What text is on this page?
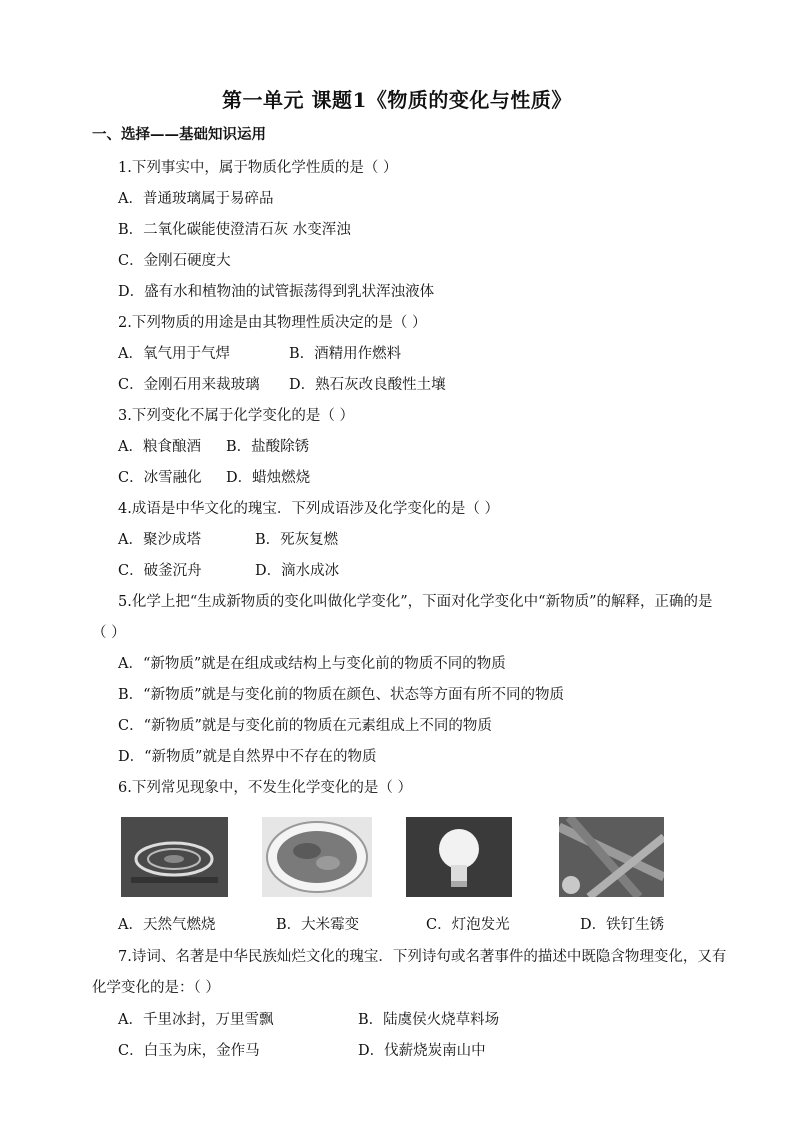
第一单元 课题1《物质的变化与性质》
一、选择——基础知识运用
1.下列事实中，属于物质化学性质的是（ ）
A．普通玻璃属于易碎品
B．二氧化碳能使澄清石灰 水变浑浊
C．金刚石硬度大
D．盛有水和植物油的试管振荡得到乳状浑浊液体
2.下列物质的用途是由其物理性质决定的是（ ）
A．氧气用于气焊	B．酒精用作燃料
C．金刚石用来裁玻璃 D．熟石灰改良酸性土壤
3.下列变化不属于化学变化的是（ ）
A．粮食酿酒 B．盐酸除锈
C．冰雪融化 D．蜡烛燃烧
4.成语是中华文化的瑰宝．下列成语涉及化学变化的是（ ）
A．聚沙成塔	B．死灰复燃
C．破釜沉舟	D．滴水成冰
5.化学上把“生成新物质的变化叫做化学变化”，下面对化学变化中“新物质”的解释，正确的是
（ ）
A．“新物质”就是在组成或结构上与变化前的物质不同的物质
B．“新物质”就是与变化前的物质在颜色、状态等方面有所不同的物质
C．“新物质”就是与变化前的物质在元素组成上不同的物质
D．“新物质”就是自然界中不存在的物质
6.下列常见现象中，不发生化学变化的是（ ）
A．天然气燃烧	B．大米霉变	C．灯泡发光	D．铁钉生锈
7.诗词、名著是中华民族灿烂文化的瑰宝．下列诗句或名著事件的描述中既隐含物理变化，又有
化学变化的是：（ ）
A．千里冰封，万里雪飘	B．陆虞侯火烧草料场
C．白玉为床，金作马	D．伐薪烧炭南山中
